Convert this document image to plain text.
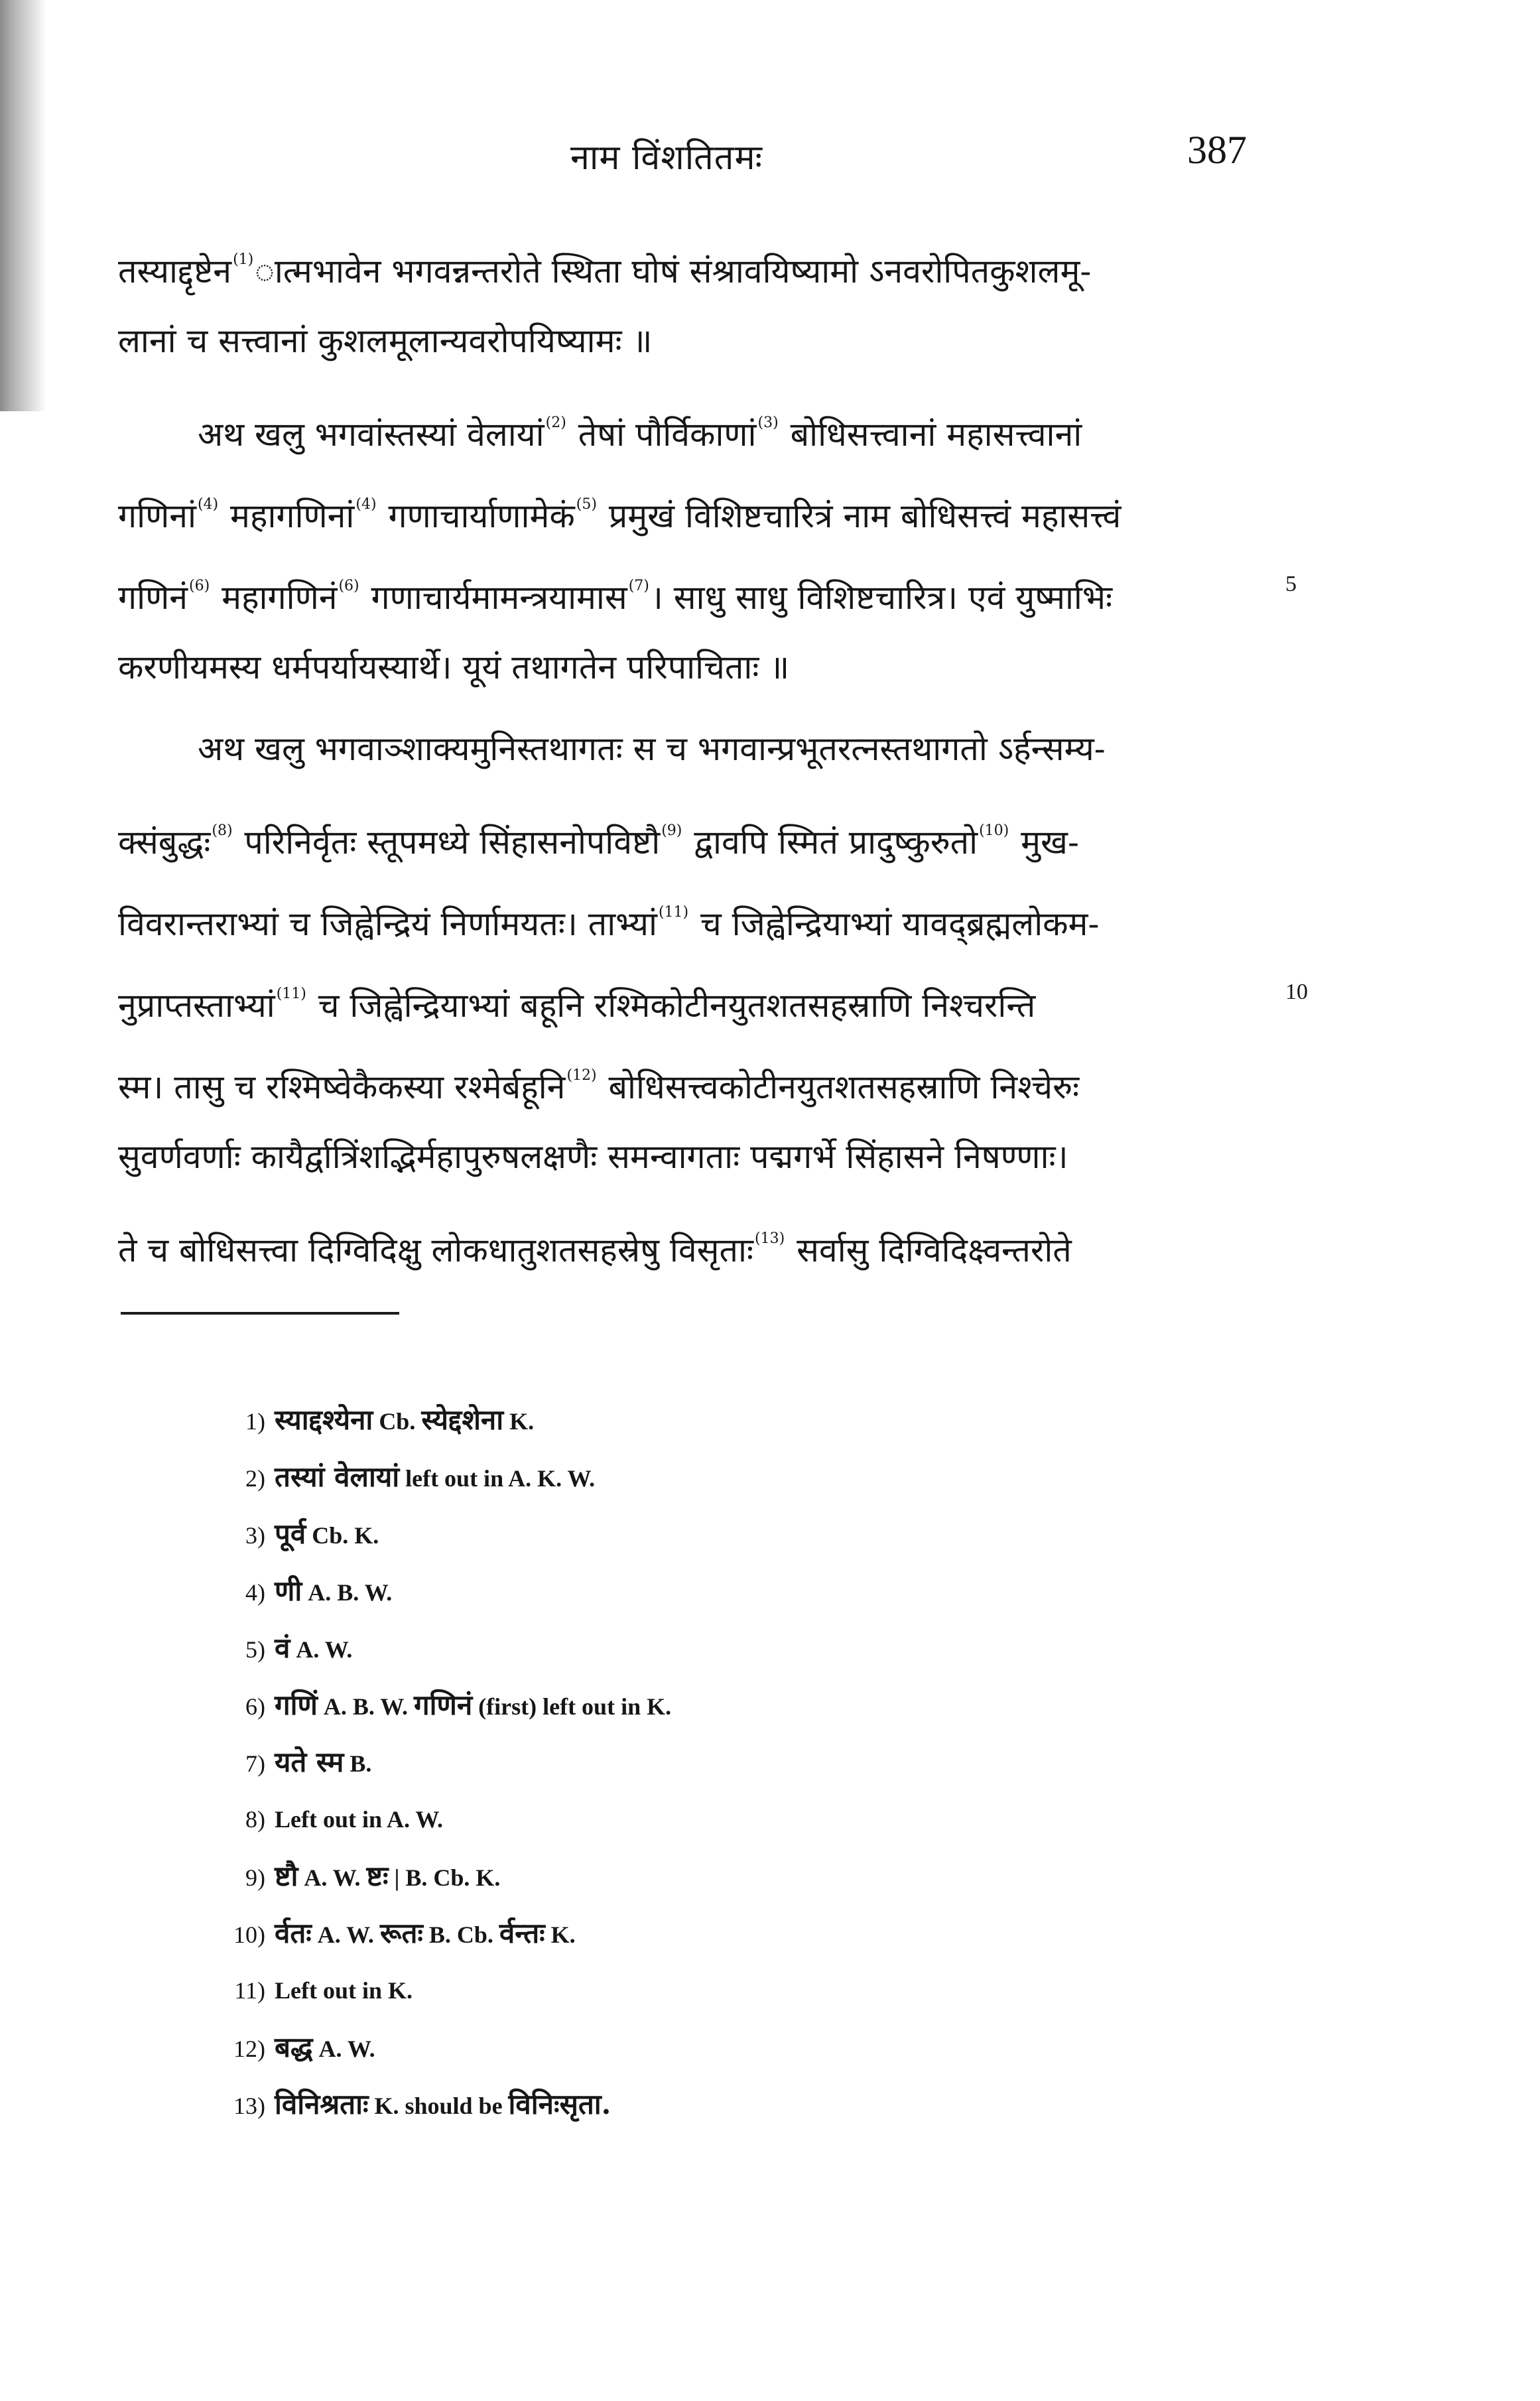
नाम विंशतितमः	387
तस्याद्दृष्टेन$^{(1)}$ात्मभावेन भगवन्नन्तरोते स्थिता घोषं संश्रावयिष्यामो ऽनवरोपितकुशलमू-
लानां च सत्त्वानां कुशलमूलान्यवरोपयिष्यामः ॥
अथ खलु भगवांस्तस्यां वेलायां$^{(2)}$ तेषां पौर्विकाणां$^{(3)}$ बोधिसत्त्वानां महासत्त्वानां
गणिनां$^{(4)}$ महागणिनां$^{(4)}$ गणाचार्याणामेकं$^{(5)}$ प्रमुखं विशिष्टचारित्रं नाम बोधिसत्त्वं महासत्त्वं
गणिनं$^{(6)}$ महागणिनं$^{(6)}$ गणाचार्यमामन्त्रयामास$^{(7)}$। साधु साधु विशिष्टचारित्र। एवं युष्माभिः
करणीयमस्य धर्मपर्यायस्यार्थे। यूयं तथागतेन परिपाचिताः ॥
अथ खलु भगवाञ्शाक्यमुनिस्तथागतः स च भगवान्प्रभूतरत्नस्तथागतो ऽर्हन्सम्य-
क्संबुद्धः$^{(8)}$ परिनिर्वृतः स्तूपमध्ये सिंहासनोपविष्टौ$^{(9)}$ द्वावपि स्मितं प्रादुष्कुरुतो$^{(10)}$ मुख-
विवरान्तराभ्यां च जिह्वेन्द्रियं निर्णामयतः। ताभ्यां$^{(11)}$ च जिह्वेन्द्रियाभ्यां यावद्ब्रह्मलोकम-
नुप्राप्तस्ताभ्यां$^{(11)}$ च जिह्वेन्द्रियाभ्यां बहूनि रश्मिकोटीनयुतशतसहस्राणि निश्चरन्ति
स्म। तासु च रश्मिष्वेकैकस्या रश्मेर्बहूनि$^{(12)}$ बोधिसत्त्वकोटीनयुतशतसहस्राणि निश्चेरुः
सुवर्णवर्णाः कायैर्द्वात्रिंशद्भिर्महापुरुषलक्षणैः समन्वागताः पद्मगर्भे सिंहासने निषण्णाः।
ते च बोधिसत्त्वा दिग्विदिक्षु लोकधातुशतसहस्रेषु विसृताः$^{(13)}$ सर्वासु दिग्विदिक्ष्वन्तरोते
1) स्याद्दश्येना Cb. स्येद्दशेना K.
2) तस्यां वेलायां left out in A. K. W.
3) पूर्व Cb. K.
4) णी A. B. W.
5) वं A. W.
6) गणिं A. B. W. गणिनं (first) left out in K.
7) यते स्म B.
8) Left out in A. W.
9) ष्टौ A. W. ष्टः | B. Cb. K.
10) र्वतः A. W. रूतः B. Cb. र्वन्तः K.
11) Left out in K.
12) बद्ध A. W.
13) विनिश्रताः K. should be विनिःसृता.
5
10
